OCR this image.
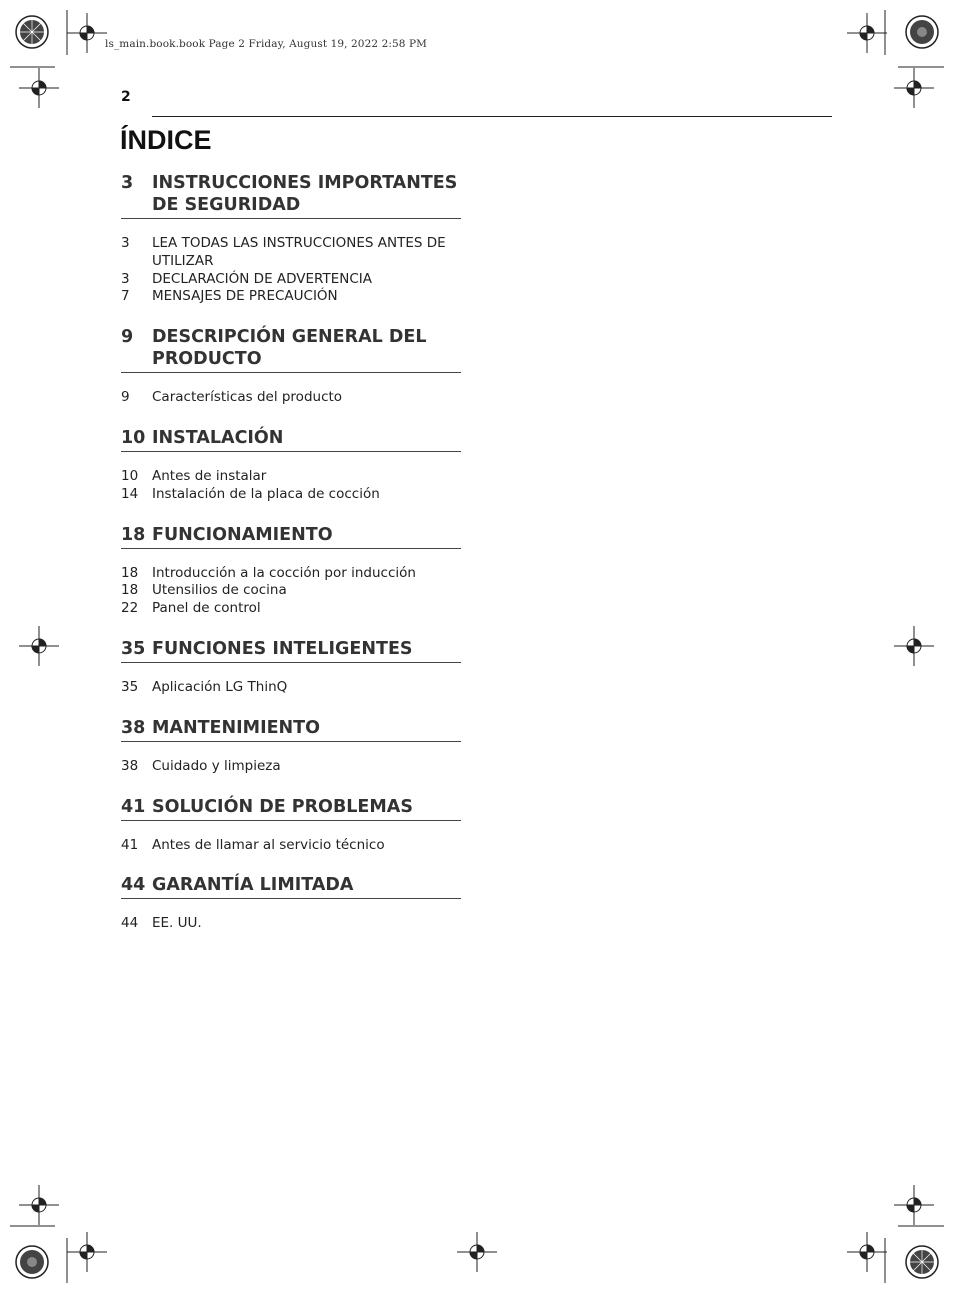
ls_main.book.book Page 2 Friday, August 19, 2022 2:58 PM
2
ÍNDICE
3	INSTRUCCIONES IMPORTANTES DE SEGURIDAD
3	LEA TODAS LAS INSTRUCCIONES ANTES DE UTILIZAR
3	DECLARACIÓN DE ADVERTENCIA
7	MENSAJES DE PRECAUCIÓN
9	DESCRIPCIÓN GENERAL DEL PRODUCTO
9	Características del producto
10 INSTALACIÓN
10	Antes de instalar
14	Instalación de la placa de cocción
18 FUNCIONAMIENTO
18	Introducción a la cocción por inducción
18	Utensilios de cocina
22	Panel de control
35 FUNCIONES INTELIGENTES
35	Aplicación LG ThinQ
38 MANTENIMIENTO
38	Cuidado y limpieza
41 SOLUCIÓN DE PROBLEMAS
41	Antes de llamar al servicio técnico
44 GARANTÍA LIMITADA
44	EE. UU.
